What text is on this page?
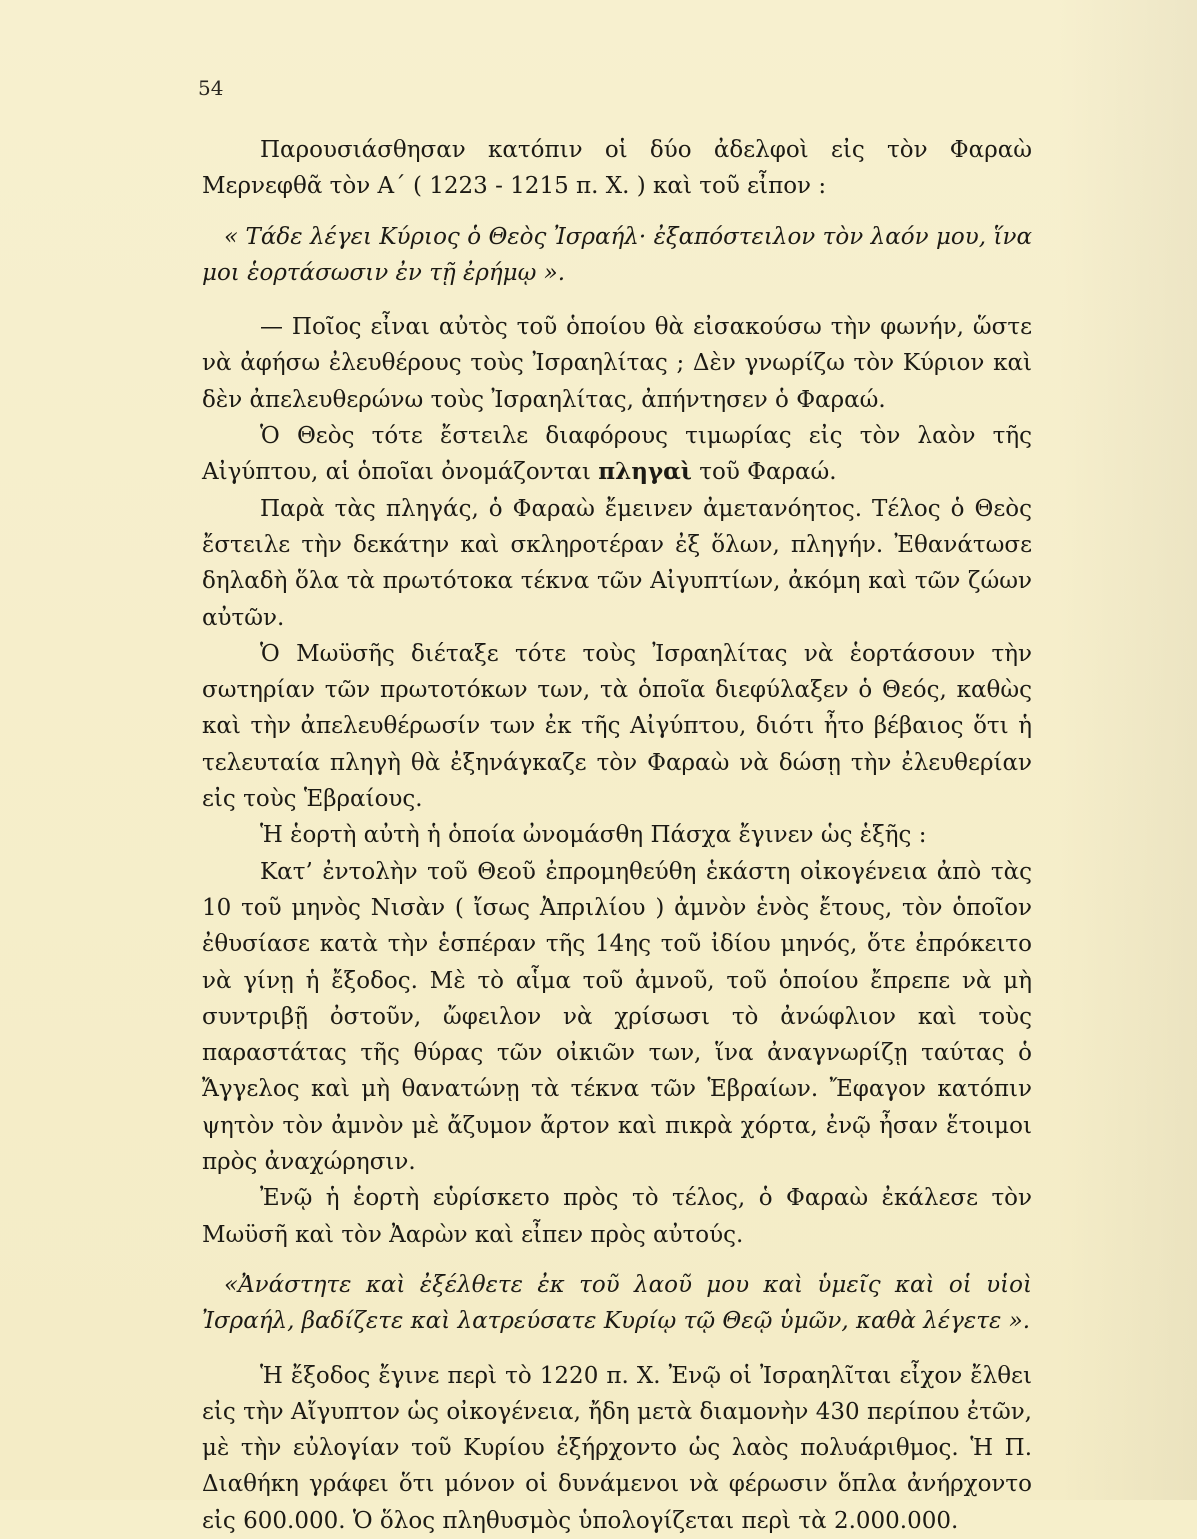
54

Παρουσιάσθησαν κατόπιν οἱ δύο ἀδελφοὶ εἰς τὸν Φαραὼ Μερνεφθᾶ τὸν Α΄ ( 1223 - 1215 π. Χ. ) καὶ τοῦ εἶπον :

« Τάδε λέγει Κύριος ὁ Θεὸς Ἰσραήλ· ἐξαπόστειλον τὸν λαόν μου, ἵνα μοι ἑορτάσωσιν ἐν τῇ ἐρήμῳ ».

— Ποῖος εἶναι αὐτὸς τοῦ ὁποίου θὰ εἰσακούσω τὴν φωνήν, ὥστε νὰ ἀφήσω ἐλευθέρους τοὺς Ἰσραηλίτας ; Δὲν γνωρίζω τὸν Κύριον καὶ δὲν ἀπελευθερώνω τοὺς Ἰσραηλίτας, ἀπήντησεν ὁ Φαραώ.

Ὁ Θεὸς τότε ἔστειλε διαφόρους τιμωρίας εἰς τὸν λαὸν τῆς Αἰγύπτου, αἱ ὁποῖαι ὀνομάζονται πληγαὶ τοῦ Φαραώ.

Παρὰ τὰς πληγάς, ὁ Φαραὼ ἔμεινεν ἀμετανόητος. Τέλος ὁ Θεὸς ἔστειλε τὴν δεκάτην καὶ σκληροτέραν ἐξ ὅλων, πληγήν. Ἐθανάτωσε δηλαδὴ ὅλα τὰ πρωτότοκα τέκνα τῶν Αἰγυπτίων, ἀκόμη καὶ τῶν ζώων αὐτῶν.

Ὁ Μωϋσῆς διέταξε τότε τοὺς Ἰσραηλίτας νὰ ἑορτάσουν τὴν σωτηρίαν τῶν πρωτοτόκων των, τὰ ὁποῖα διεφύλαξεν ὁ Θεός, καθὼς καὶ τὴν ἀπελευθέρωσίν των ἐκ τῆς Αἰγύπτου, διότι ἦτο βέβαιος ὅτι ἡ τελευταία πληγὴ θὰ ἐξηνάγκαζε τὸν Φαραὼ νὰ δώσῃ τὴν ἐλευθερίαν εἰς τοὺς Ἑβραίους.

Ἡ ἑορτὴ αὐτὴ ἡ ὁποία ὠνομάσθη Πάσχα ἔγινεν ὡς ἑξῆς :

Κατ’ ἐντολὴν τοῦ Θεοῦ ἐπρομηθεύθη ἑκάστη οἰκογένεια ἀπὸ τὰς 10 τοῦ μηνὸς Νισὰν ( ἴσως Ἀπριλίου ) ἀμνὸν ἑνὸς ἔτους, τὸν ὁποῖον ἐθυσίασε κατὰ τὴν ἑσπέραν τῆς 14ης τοῦ ἰδίου μηνός, ὅτε ἐπρόκειτο νὰ γίνῃ ἡ ἔξοδος. Μὲ τὸ αἷμα τοῦ ἀμνοῦ, τοῦ ὁποίου ἔπρεπε νὰ μὴ συντριβῇ ὀστοῦν, ὤφειλον νὰ χρίσωσι τὸ ἀνώφλιον καὶ τοὺς παραστάτας τῆς θύρας τῶν οἰκιῶν των, ἵνα ἀναγνωρίζῃ ταύτας ὁ Ἄγγελος καὶ μὴ θανατώνῃ τὰ τέκνα τῶν Ἑβραίων. Ἔφαγον κατόπιν ψητὸν τὸν ἀμνὸν μὲ ἄζυμον ἄρτον καὶ πικρὰ χόρτα, ἐνῷ ἦσαν ἕτοιμοι πρὸς ἀναχώρησιν.

Ἐνῷ ἡ ἑορτὴ εὑρίσκετο πρὸς τὸ τέλος, ὁ Φαραὼ ἐκάλεσε τὸν Μωϋσῆ καὶ τὸν Ἀαρὼν καὶ εἶπεν πρὸς αὐτούς.

«Ἀνάστητε καὶ ἐξέλθετε ἐκ τοῦ λαοῦ μου καὶ ὑμεῖς καὶ οἱ υἱοὶ Ἰσραήλ, βαδίζετε καὶ λατρεύσατε Κυρίῳ τῷ Θεῷ ὑμῶν, καθὰ λέγετε ».

Ἡ ἔξοδος ἔγινε περὶ τὸ 1220 π. Χ. Ἐνῷ οἱ Ἰσραηλῖται εἶχον ἔλθει εἰς τὴν Αἴγυπτον ὡς οἰκογένεια, ἤδη μετὰ διαμονὴν 430 περίπου ἐτῶν, μὲ τὴν εὐλογίαν τοῦ Κυρίου ἐξήρχοντο ὡς λαὸς πολυάριθμος. Ἡ Π. Διαθήκη γράφει ὅτι μόνον οἱ δυνάμενοι νὰ φέρωσιν ὅπλα ἀνήρχοντο εἰς 600.000. Ὁ ὅλος πληθυσμὸς ὑπολογίζεται περὶ τὰ 2.000.000.
